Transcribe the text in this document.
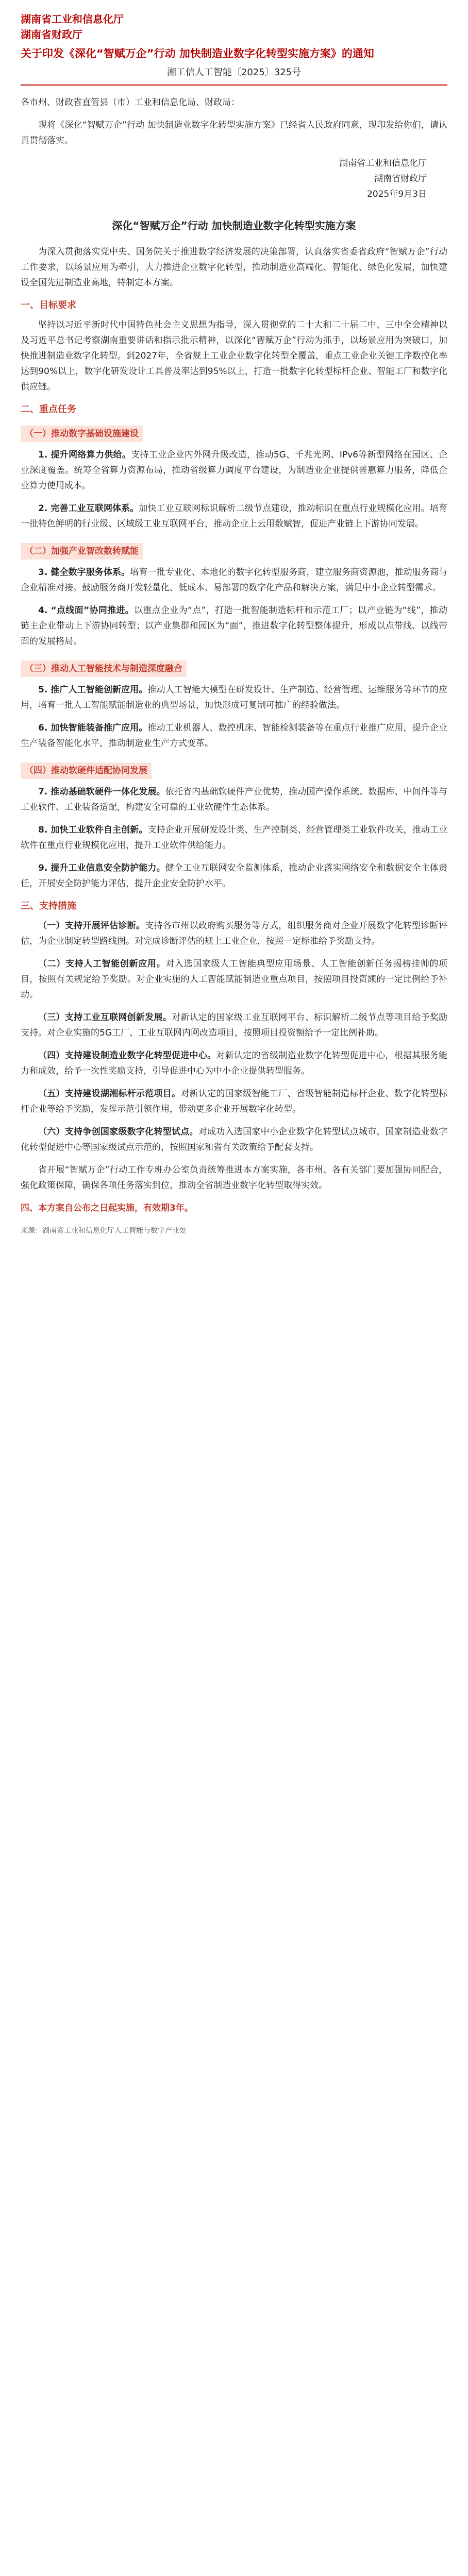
湖南省工业和信息化厅

湖南省财政厅

关于印发《深化“智赋万企”行动 加快制造业数字化转型实施方案》的通知

湘工信人工智能〔2025〕325号

各市州、财政省直管县（市）工业和信息化局、财政局：

现将《深化“智赋万企”行动 加快制造业数字化转型实施方案》已经省人民政府同意，现印发给你们，请认真贯彻落实。

湖南省工业和信息化厅
湖南省财政厅
2025年9月3日
深化“智赋万企”行动 加快制造业数字化转型实施方案

为深入贯彻落实党中央、国务院关于推进数字经济发展的决策部署，认真落实省委省政府“智赋万企”行动工作要求，以场景应用为牵引，大力推进企业数字化转型，推动制造业高端化、智能化、绿色化发展，加快建设全国先进制造业高地，特制定本方案。

一、目标要求

坚持以习近平新时代中国特色社会主义思想为指导，深入贯彻党的二十大和二十届二中、三中全会精神以及习近平总书记考察湖南重要讲话和指示批示精神，以深化“智赋万企”行动为抓手，以场景应用为突破口，加快推进制造业数字化转型。到2027年，全省规上工业企业数字化转型全覆盖，重点工业企业关键工序数控化率达到90%以上，数字化研发设计工具普及率达到95%以上，打造一批数字化转型标杆企业、智能工厂和数字化供应链。

二、重点任务
（一）推动数字基础设施建设

1. 提升网络算力供给。支持工业企业内外网升级改造，推动5G、千兆光网、IPv6等新型网络在园区、企业深度覆盖。统筹全省算力资源布局，推动省级算力调度平台建设，为制造业企业提供普惠算力服务，降低企业算力使用成本。

2. 完善工业互联网体系。加快工业互联网标识解析二级节点建设，推动标识在重点行业规模化应用。培育一批特色鲜明的行业级、区域级工业互联网平台，推动企业上云用数赋智，促进产业链上下游协同发展。

（二）加强产业智改数转赋能

3. 健全数字服务体系。培育一批专业化、本地化的数字化转型服务商，建立服务商资源池，推动服务商与企业精准对接。鼓励服务商开发轻量化、低成本、易部署的数字化产品和解决方案，满足中小企业转型需求。

4. “点线面”协同推进。以重点企业为“点”，打造一批智能制造标杆和示范工厂；以产业链为“线”，推动链主企业带动上下游协同转型；以产业集群和园区为“面”，推进数字化转型整体提升，形成以点带线、以线带面的发展格局。

（三）推动人工智能技术与制造深度融合

5. 推广人工智能创新应用。推动人工智能大模型在研发设计、生产制造、经营管理、运维服务等环节的应用，培育一批人工智能赋能制造业的典型场景，加快形成可复制可推广的经验做法。

6. 加快智能装备推广应用。推动工业机器人、数控机床、智能检测装备等在重点行业推广应用，提升企业生产装备智能化水平，推动制造业生产方式变革。

（四）推动软硬件适配协同发展

7. 推动基础软硬件一体化发展。依托省内基础软硬件产业优势，推动国产操作系统、数据库、中间件等与工业软件、工业装备适配，构建安全可靠的工业软硬件生态体系。

8. 加快工业软件自主创新。支持企业开展研发设计类、生产控制类、经营管理类工业软件攻关，推动工业软件在重点行业规模化应用，提升工业软件供给能力。

9. 提升工业信息安全防护能力。健全工业互联网安全监测体系，推动企业落实网络安全和数据安全主体责任，开展安全防护能力评估，提升企业安全防护水平。

三、支持措施

（一）支持开展评估诊断。支持各市州以政府购买服务等方式，组织服务商对企业开展数字化转型诊断评估，为企业制定转型路线图。对完成诊断评估的规上工业企业，按照一定标准给予奖励支持。

（二）支持人工智能创新应用。对入选国家级人工智能典型应用场景、人工智能创新任务揭榜挂帅的项目，按照有关规定给予奖励。对企业实施的人工智能赋能制造业重点项目，按照项目投资额的一定比例给予补助。

（三）支持工业互联网创新发展。对新认定的国家级工业互联网平台、标识解析二级节点等项目给予奖励支持。对企业实施的5G工厂、工业互联网内网改造项目，按照项目投资额给予一定比例补助。

（四）支持建设制造业数字化转型促进中心。对新认定的省级制造业数字化转型促进中心，根据其服务能力和成效，给予一次性奖励支持，引导促进中心为中小企业提供转型服务。

（五）支持建设湖湘标杆示范项目。对新认定的国家级智能工厂、省级智能制造标杆企业、数字化转型标杆企业等给予奖励，发挥示范引领作用，带动更多企业开展数字化转型。

（六）支持争创国家级数字化转型试点。对成功入选国家中小企业数字化转型试点城市、国家制造业数字化转型促进中心等国家级试点示范的，按照国家和省有关政策给予配套支持。

省开展“智赋万企”行动工作专班办公室负责统筹推进本方案实施，各市州、各有关部门要加强协同配合，强化政策保障，确保各项任务落实到位，推动全省制造业数字化转型取得实效。

四、本方案自公布之日起实施，有效期3年。

来源：湖南省工业和信息化厅人工智能与数字产业处
